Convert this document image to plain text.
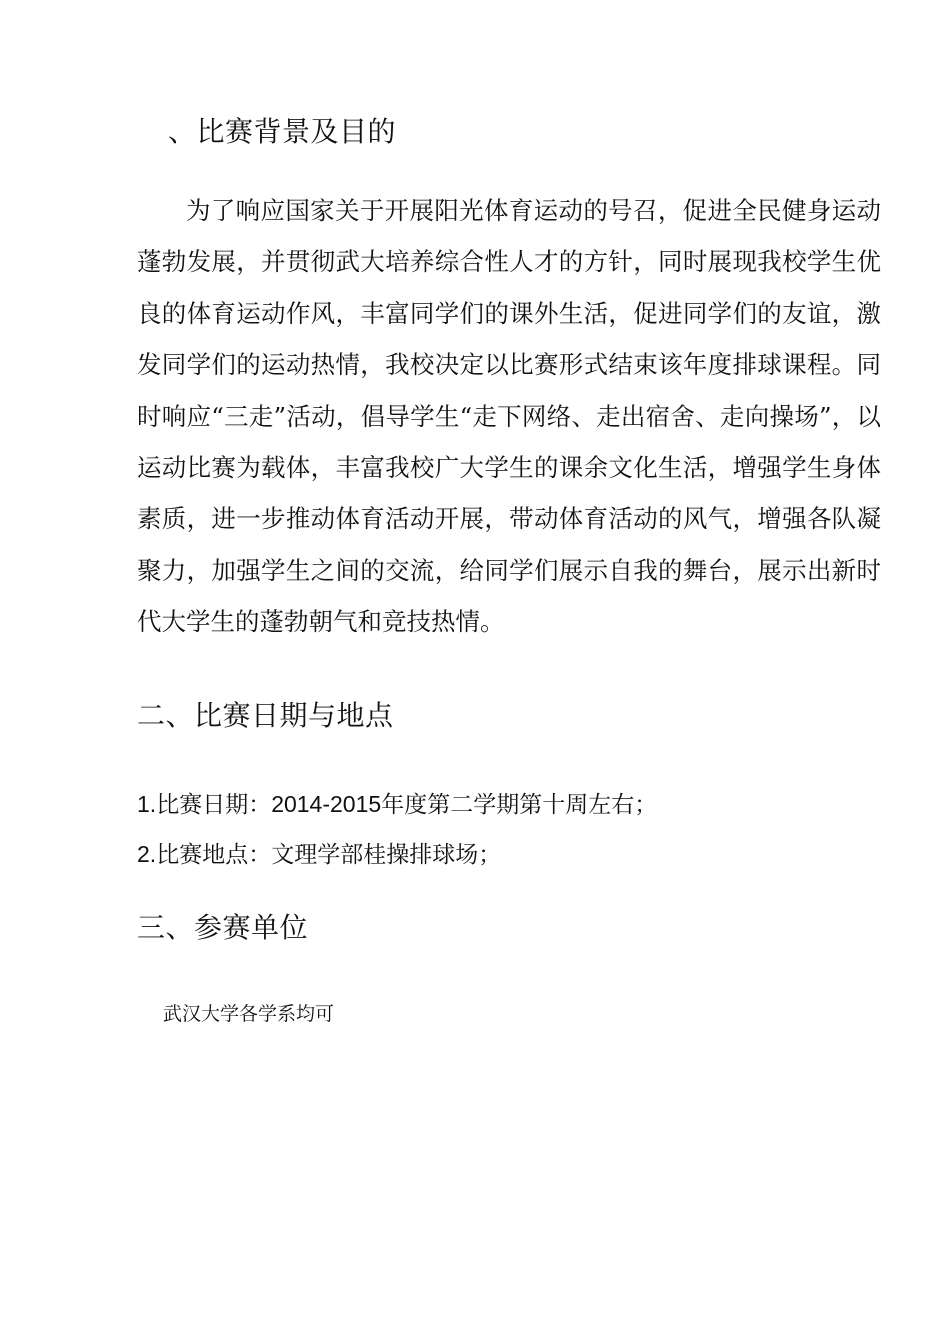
、比赛背景及目的

为了响应国家关于开展阳光体育运动的号召，促进全民健身运动蓬勃发展，并贯彻武大培养综合性人才的方针，同时展现我校学生优良的体育运动作风，丰富同学们的课外生活，促进同学们的友谊，激发同学们的运动热情，我校决定以比赛形式结束该年度排球课程。同时响应“三走”活动，倡导学生“走下网络、走出宿舍、走向操场”，以运动比赛为载体，丰富我校广大学生的课余文化生活，增强学生身体素质，进一步推动体育活动开展，带动体育活动的风气，增强各队凝聚力，加强学生之间的交流，给同学们展示自我的舞台，展示出新时代大学生的蓬勃朝气和竞技热情。

二、比赛日期与地点
1.比赛日期：2014-2015年度第二学期第十周左右；
2.比赛地点：文理学部桂操排球场；
三、参赛单位
武汉大学各学系均可
